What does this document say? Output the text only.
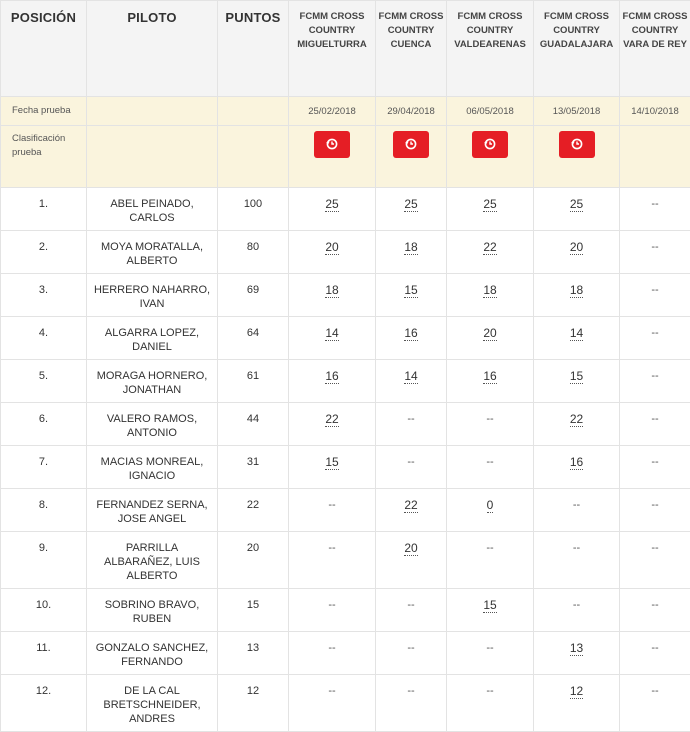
POSICIÓN	PILOTO	PUNTOS	FCMM CROSS COUNTRY MIGUELTURRA	FCMM CROSS COUNTRY CUENCA	FCMM CROSS COUNTRY VALDEARENAS	FCMM CROSS COUNTRY GUADALAJARA	FCMM CROSS COUNTRY VARA DE REY
Fecha prueba			25/02/2018	29/04/2018	06/05/2018	13/05/2018	14/10/2018
Clasificación prueba			

1.	ABEL PEINADO, CARLOS	100	25	25	25	25	--
2.	MOYA MORATALLA, ALBERTO	80	20	18	22	20	--
3.	HERRERO NAHARRO, IVAN	69	18	15	18	18	--
4.	ALGARRA LOPEZ, DANIEL	64	14	16	20	14	--
5.	MORAGA HORNERO, JONATHAN	61	16	14	16	15	--
6.	VALERO RAMOS, ANTONIO	44	22	--	--	22	--
7.	MACIAS MONREAL, IGNACIO	31	15	--	--	16	--
8.	FERNANDEZ SERNA, JOSE ANGEL	22	--	22	0	--	--
9.	PARRILLA ALBARAÑEZ, LUIS ALBERTO	20	--	20	--	--	--
10.	SOBRINO BRAVO, RUBEN	15	--	--	15	--	--
11.	GONZALO SANCHEZ, FERNANDO	13	--	--	--	13	--
12.	DE LA CAL BRETSCHNEIDER, ANDRES	12	--	--	--	12	--
